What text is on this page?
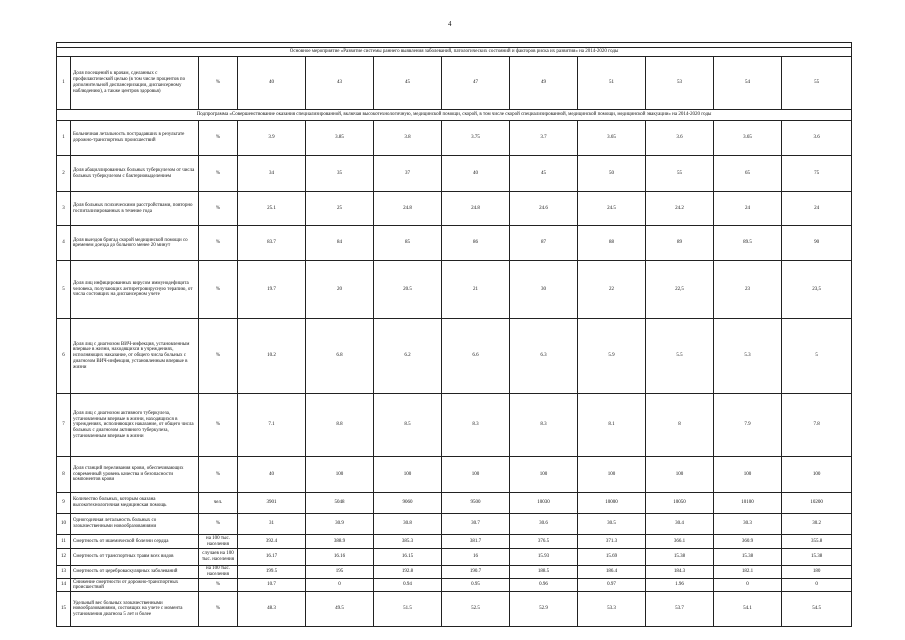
4

Основное мероприятие «Развитие системы раннего выявления заболеваний, патологических состояний и факторов риска их развития» на 2014-2020 годы											
1	Доля посещений к врачам, сделанных с профилактической целью (в том числе процентов по дополнительной диспансеризации, диспансерному наблюдению), а также центров здоровья)	%	40	43	45	47	49	51	53	54	55
Подпрограмма «Совершенствование оказания специализированной, включая высокотехнологичную, медицинской помощи, скорой, в том числе скорой специализированной, медицинской помощи, медицинской эвакуации» на 2014-2020 годы											
1	Больничная летальность пострадавших в результате дорожно-транспортных происшествий	%	3.9	3.85	3.8	3.75	3.7	3.65	3.6	3.65	3.6
2	Доля абациллированных больных туберкулезом от числа больных туберкулезом с бактериовыделением	%	34	35	37	40	45	50	55	65	75
3	Доля больных психическими расстройствами, повторно госпитализированных в течение года	%	25.1	25	24.8	24.8	24.6	24.5	24.2	24	24
4	Доля выездов бригад скорой медицинской помощи со временем доезда до больного менее 20 минут	%	83.7	84	85	86	87	88	89	89.5	90
5	Доля лиц инфицированных вирусом иммунодефицита человека, получающих антиретровирусную терапию, от числа состоящих на диспансерном учете	%	19.7	20	20.5	21	30	22	22,5	23	23,5
6	Доля лиц с диагнозом ВИЧ-инфекция, установленным впервые в жизни, находящихся в учреждениях, исполняющих наказание, от общего числа больных с диагнозом ВИЧ-инфекция, установленным впервые в жизни	%	10.2	6.8	6.2	6.6	6.3	5.9	5.5	5.3	5
7	Доля лиц с диагнозом активного туберкулеза, установленным впервые в жизни, находящихся в учреждениях, исполняющих наказание, от общего числа больных с диагнозом активного туберкулеза, установленным впервые в жизни	%	7.1	8.8	8.5	8.3	8.3	8.1	8	7.9	7.8
8	Доля станций переливания крови, обеспечивающих современный уровень качества и безопасности компонентов крови	%	40	100	100	100	100	100	100	100	100
9	Количество больных, которым оказана высокотехнологичная медицинская помощь	чел.	3901	5048	9060	9500	10030	10000	10050	10100	10200
10	Одногодичная летальность больных со злокачественными новообразованиями	%	31	30.9	30.8	30.7	30.6	30.5	30.4	30.3	30.2
11	Смертность от ишемической болезни сердца	на 100 тыс. населения	392.4	388.9	385.3	381.7	376.5	371.3	366.1	360.9	355.8
12	Смертность от транспортных травм всех видов	случаев на 100 тыс. населения	16.17	16.16	16.15	16	15.93	15.69	15.38	15.38	15.38
13	Смертность от цереброваскулярных заболеваний	на 100 тыс. населения	199.5	195	192.8	190.7	188.5	186.4	184.3	182.1	180
14	Снижение смертности от дорожно-транспортных происшествий	%	10.7	0	0.94	0.95	0.96	0.97	1.96	0	0
15	Удельный вес больных злокачественными новообразованиями, состоящих на учете с момента установления диагноза 5 лет и более	%	48.3	49.5	51.5	52.5	52.9	53.3	53.7	54.1	54.5
